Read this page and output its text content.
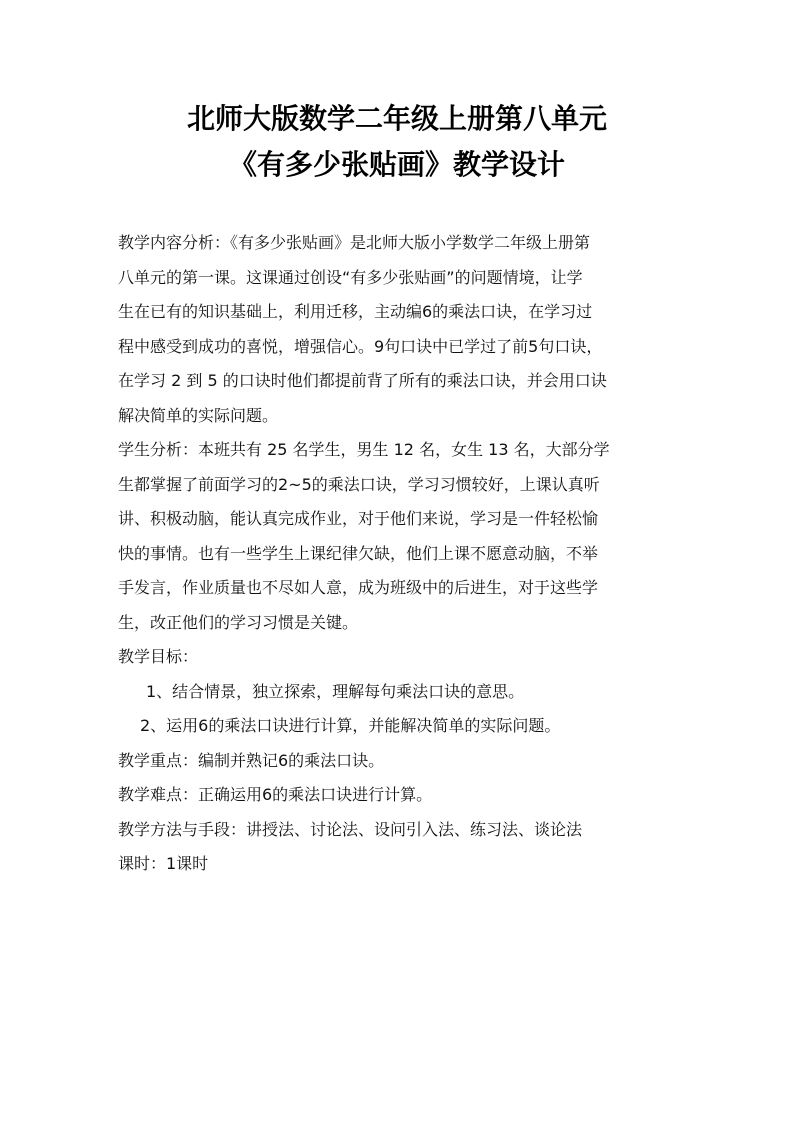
北师大版数学二年级上册第八单元
《有多少张贴画》教学设计
教学内容分析：《有多少张贴画》是北师大版小学数学二年级上册第
八单元的第一课。这课通过创设“有多少张贴画”的问题情境，让学
生在已有的知识基础上，利用迁移，主动编6的乘法口诀，在学习过
程中感受到成功的喜悦，增强信心。9句口诀中已学过了前5句口诀，
在学习 2 到 5 的口诀时他们都提前背了所有的乘法口诀，并会用口诀
解决简单的实际问题。
学生分析：本班共有 25 名学生，男生 12 名，女生 13 名，大部分学
生都掌握了前面学习的2~5的乘法口诀，学习习惯较好，上课认真听
讲、积极动脑，能认真完成作业，对于他们来说，学习是一件轻松愉
快的事情。也有一些学生上课纪律欠缺，他们上课不愿意动脑，不举
手发言，作业质量也不尽如人意，成为班级中的后进生，对于这些学
生，改正他们的学习习惯是关键。
教学目标：
1、结合情景，独立探索，理解每句乘法口诀的意思。
2、运用6的乘法口诀进行计算，并能解决简单的实际问题。
教学重点：编制并熟记6的乘法口诀。
教学难点：正确运用6的乘法口诀进行计算。
教学方法与手段：讲授法、讨论法、设问引入法、练习法、谈论法
课时：1课时
